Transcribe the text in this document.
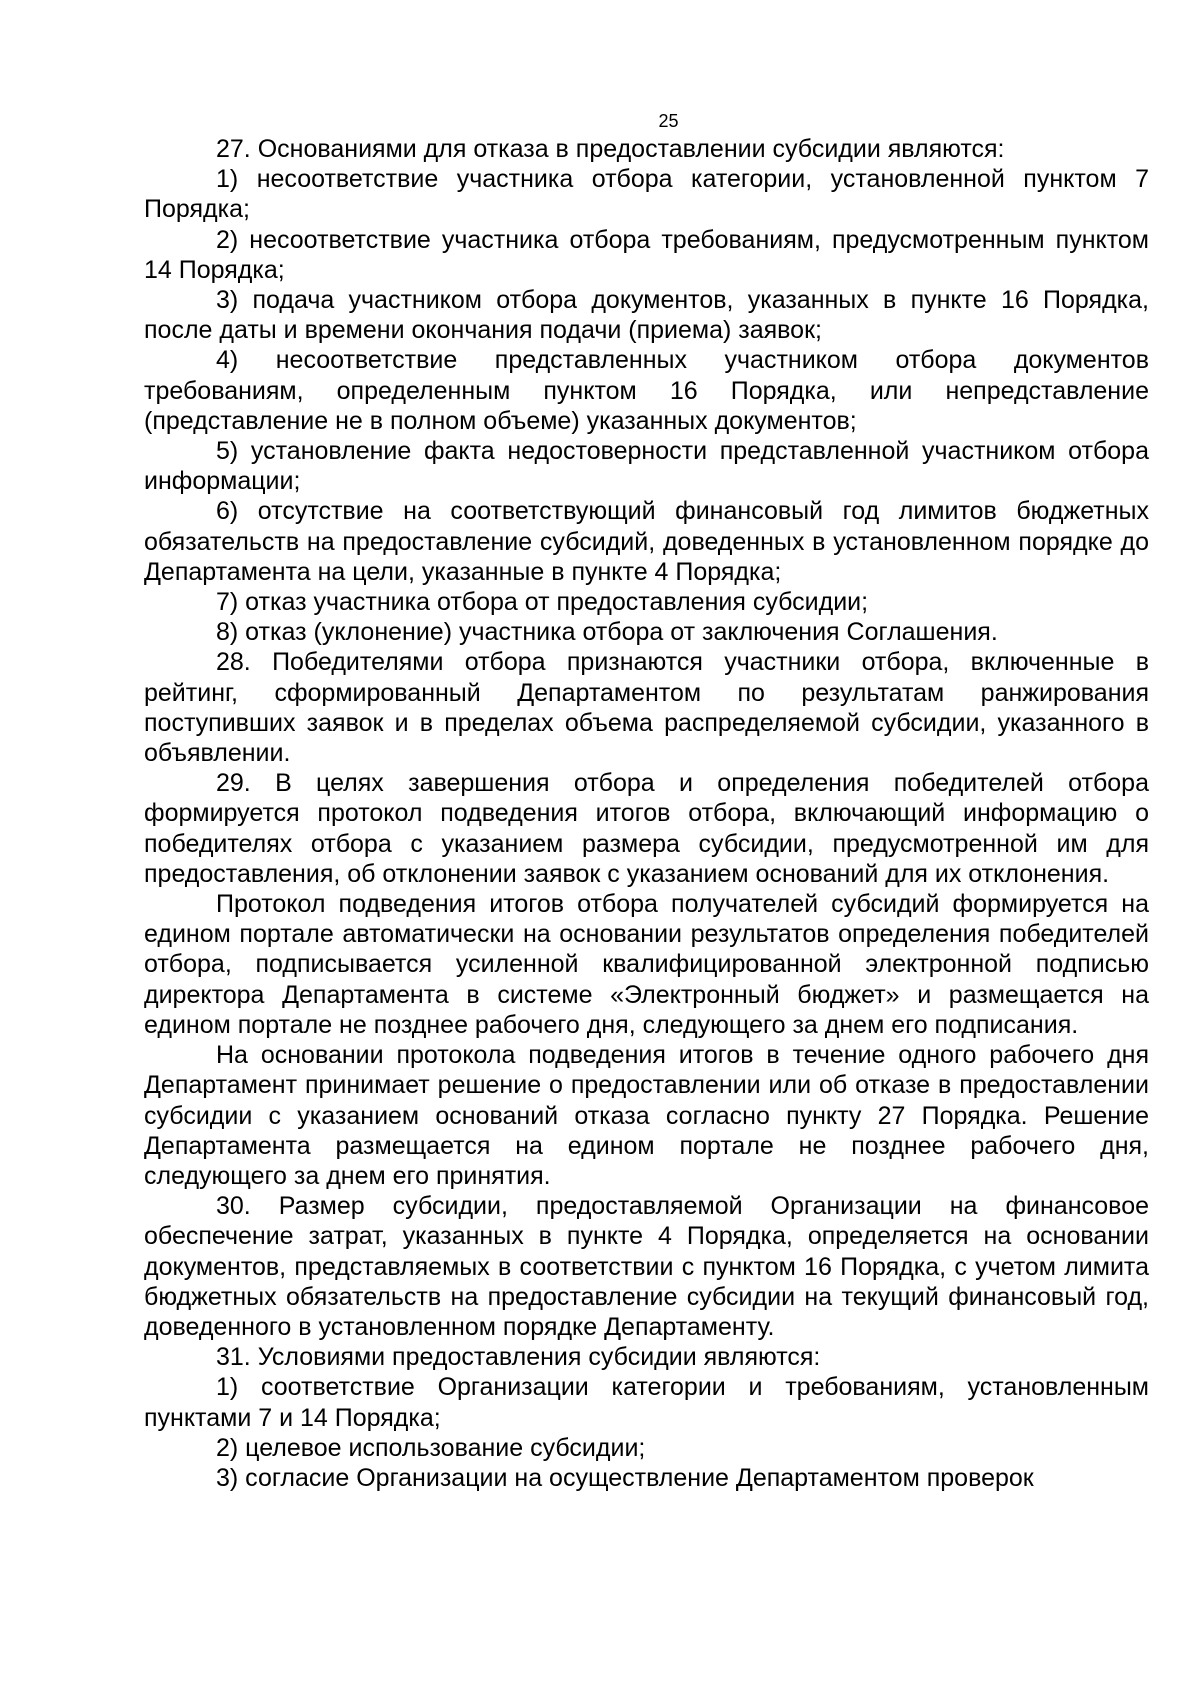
25

27. Основаниями для отказа в предоставлении субсидии являются:

1) несоответствие участника отбора категории, установленной пунктом 7 Порядка;

2) несоответствие участника отбора требованиям, предусмотренным пунктом 14 Порядка;

3) подача участником отбора документов, указанных в пункте 16 Порядка, после даты и времени окончания подачи (приема) заявок;

4) несоответствие представленных участником отбора документов требованиям, определенным пунктом 16 Порядка, или непредставление (представление не в полном объеме) указанных документов;

5) установление факта недостоверности представленной участником отбора информации;

6) отсутствие на соответствующий финансовый год лимитов бюджетных обязательств на предоставление субсидий, доведенных в установленном порядке до Департамента на цели, указанные в пункте 4 Порядка;

7) отказ участника отбора от предоставления субсидии;

8) отказ (уклонение) участника отбора от заключения Соглашения.

28. Победителями отбора признаются участники отбора, включенные в рейтинг, сформированный Департаментом по результатам ранжирования поступивших заявок и в пределах объема распределяемой субсидии, указанного в объявлении.

29. В целях завершения отбора и определения победителей отбора формируется протокол подведения итогов отбора, включающий информацию о победителях отбора с указанием размера субсидии, предусмотренной им для предоставления, об отклонении заявок с указанием оснований для их отклонения.

Протокол подведения итогов отбора получателей субсидий формируется на едином портале автоматически на основании результатов определения победителей отбора, подписывается усиленной квалифицированной электронной подписью директора Департамента в системе «Электронный бюджет» и размещается на едином портале не позднее рабочего дня, следующего за днем его подписания.

На основании протокола подведения итогов в течение одного рабочего дня Департамент принимает решение о предоставлении или об отказе в предоставлении субсидии с указанием оснований отказа согласно пункту 27 Порядка. Решение Департамента размещается на едином портале не позднее рабочего дня, следующего за днем его принятия.

30. Размер субсидии, предоставляемой Организации на финансовое обеспечение затрат, указанных в пункте 4 Порядка, определяется на основании документов, представляемых в соответствии с пунктом 16 Порядка, с учетом лимита бюджетных обязательств на предоставление субсидии на текущий финансовый год, доведенного в установленном порядке Департаменту.

31. Условиями предоставления субсидии являются:

1) соответствие Организации категории и требованиям, установленным пунктами 7 и 14 Порядка;

2) целевое использование субсидии;

3) согласие Организации на осуществление Департаментом проверок
